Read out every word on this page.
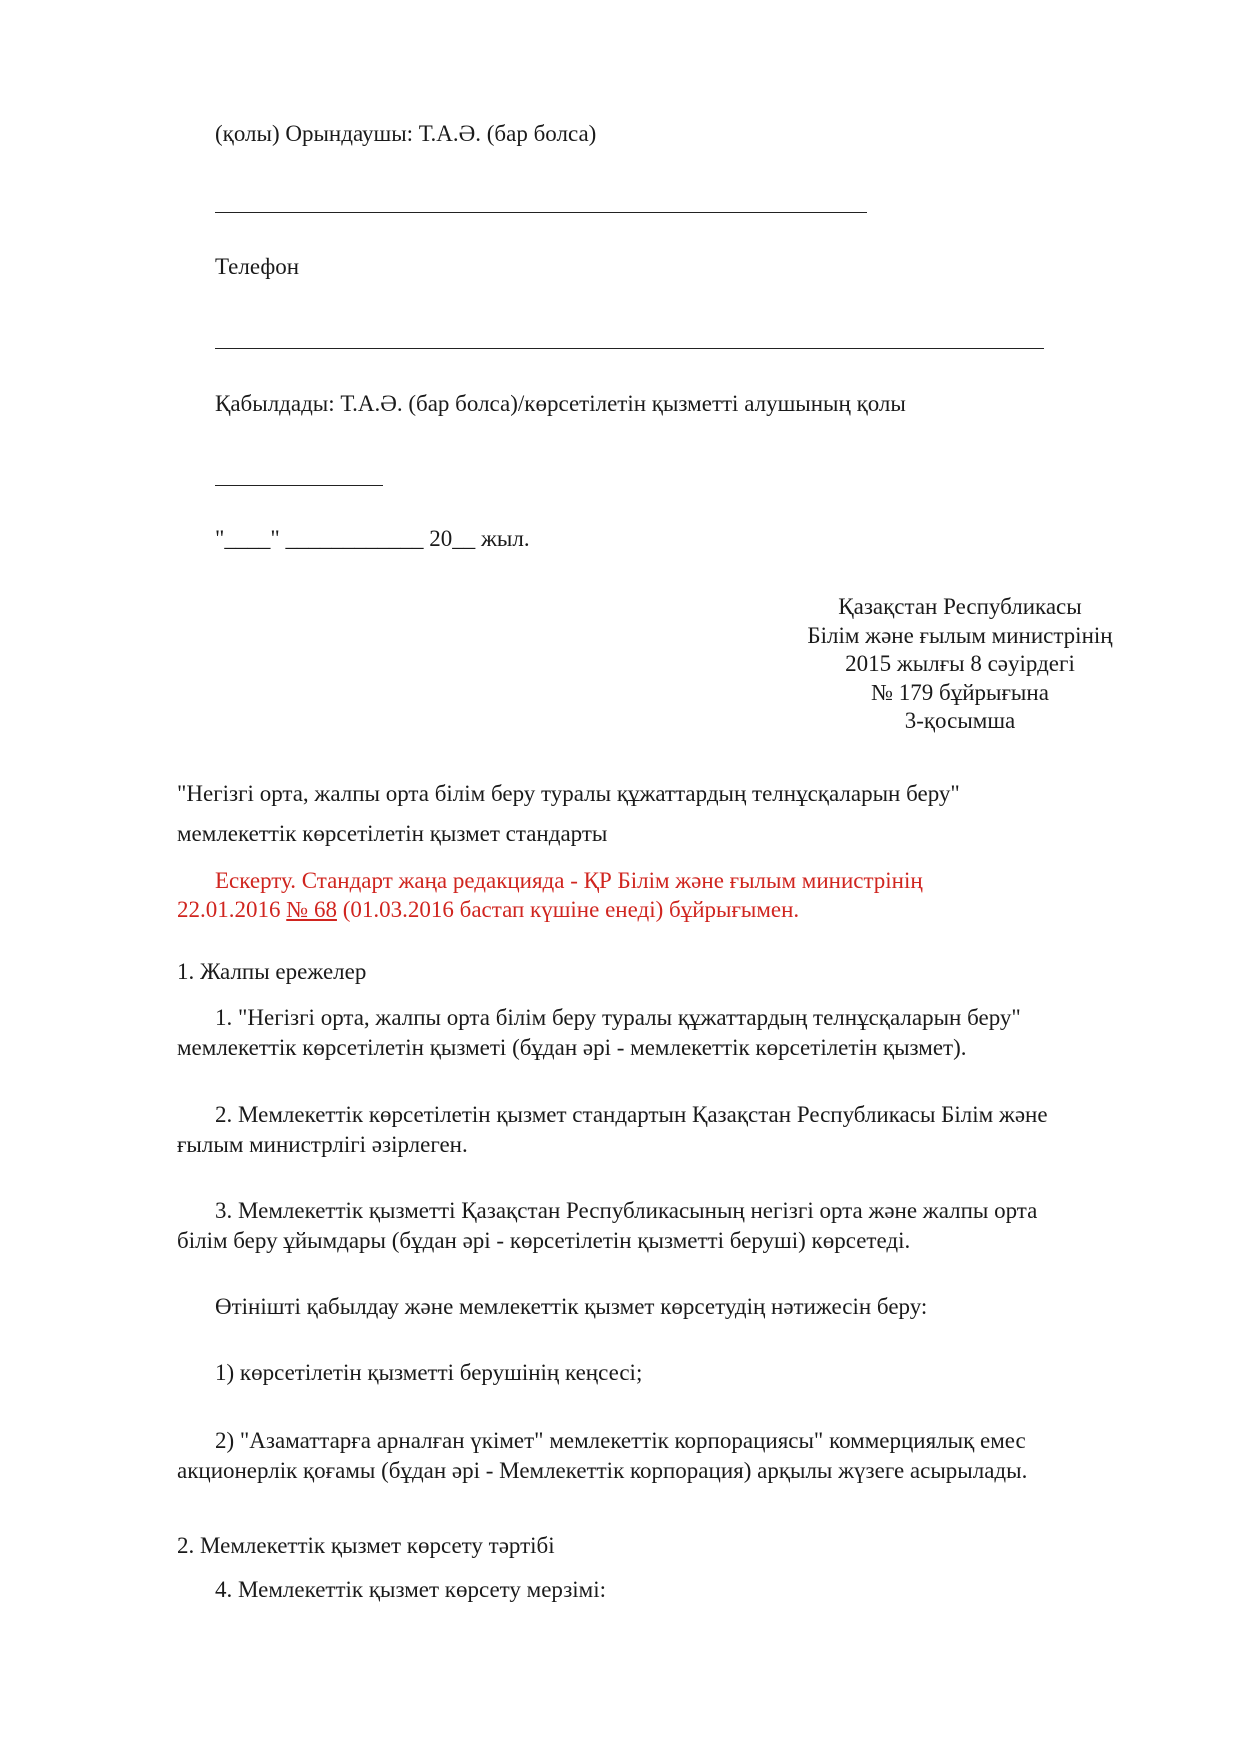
(қолы) Орындаушы: Т.А.Ә. (бар болса)
Телефон
Қабылдады: Т.А.Ә. (бар болса)/көрсетілетін қызметті алушының қолы
"____" ____________ 20__ жыл.
Қазақстан Республикасы
Білім және ғылым министрінің
2015 жылғы 8 сәуірдегі
№ 179 бұйрығына
3-қосымша
"Негізгі орта, жалпы орта білім беру туралы құжаттардың телнұсқаларын беру"
мемлекеттік көрсетілетін қызмет стандарты
Ескерту. Стандарт жаңа редакцияда - ҚР Білім және ғылым министрінің
22.01.2016 № 68 (01.03.2016 бастап күшіне енеді) бұйрығымен.
1. Жалпы ережелер
1. "Негізгі орта, жалпы орта білім беру туралы құжаттардың телнұсқаларын беру"
мемлекеттік көрсетілетін қызметі (бұдан әрі - мемлекеттік көрсетілетін қызмет).
2. Мемлекеттік көрсетілетін қызмет стандартын Қазақстан Республикасы Білім және
ғылым министрлігі әзірлеген.
3. Мемлекеттік қызметті Қазақстан Республикасының негізгі орта және жалпы орта
білім беру ұйымдары (бұдан әрі - көрсетілетін қызметті беруші) көрсетеді.
Өтінішті қабылдау және мемлекеттік қызмет көрсетудің нәтижесін беру:
1) көрсетілетін қызметті берушінің кеңсесі;
2) "Азаматтарға арналған үкімет" мемлекеттік корпорациясы" коммерциялық емес
акционерлік қоғамы (бұдан әрі - Мемлекеттік корпорация) арқылы жүзеге асырылады.
2. Мемлекеттік қызмет көрсету тәртібі
4. Мемлекеттік қызмет көрсету мерзімі:
